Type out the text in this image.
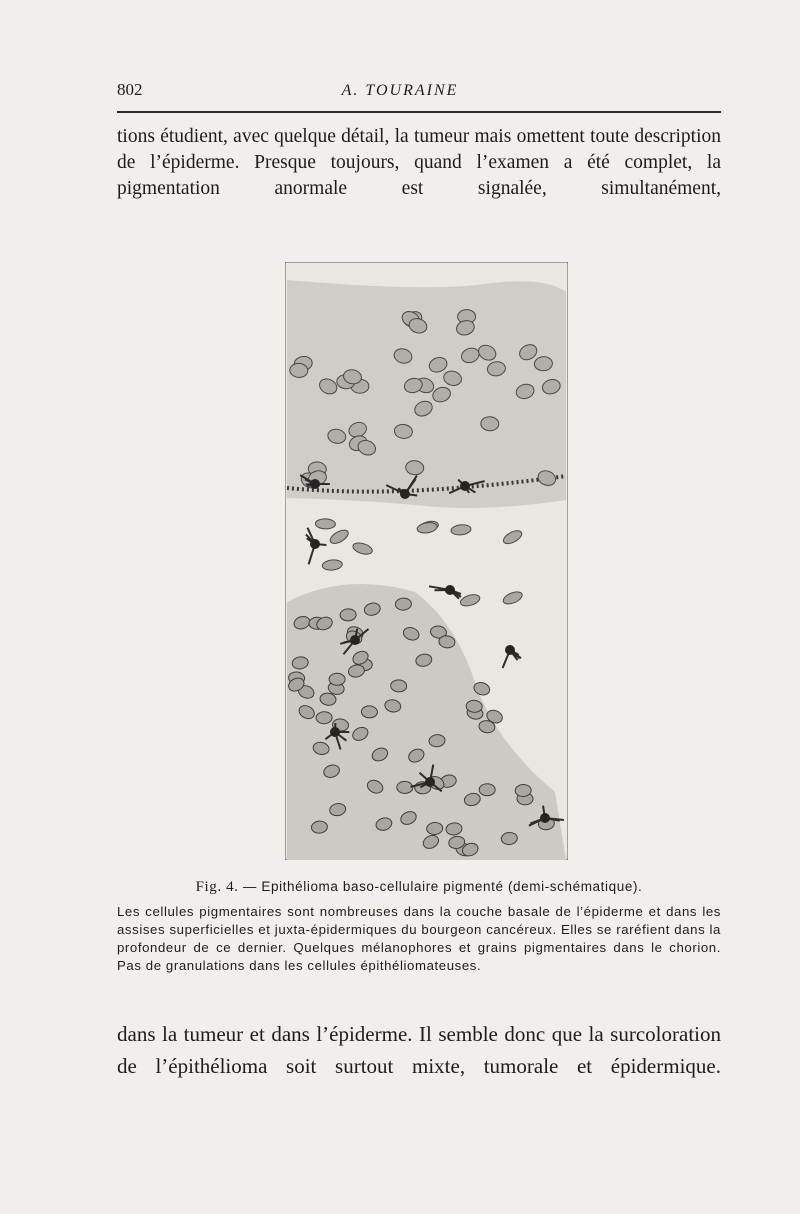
802	A. TOURAINE
tions étudient, avec quelque détail, la tumeur mais omettent toute description de l’épiderme. Presque toujours, quand l’examen a été complet, la pigmentation anormale est signalée, simultanément,
Fig. 4. — Epithélioma baso-cellulaire pigmenté (demi-schématique).
Les cellules pigmentaires sont nombreuses dans la couche basale de l’épiderme et dans les assises superficielles et juxta-épidermiques du bourgeon cancéreux. Elles se raréfient dans la profondeur de ce dernier. Quelques mélanophores et grains pigmentaires dans le chorion. Pas de granulations dans les cellules épithéliomateuses.
dans la tumeur et dans l’épiderme. Il semble donc que la surcoloration de l’épithélioma soit surtout mixte, tumorale et épidermique.
